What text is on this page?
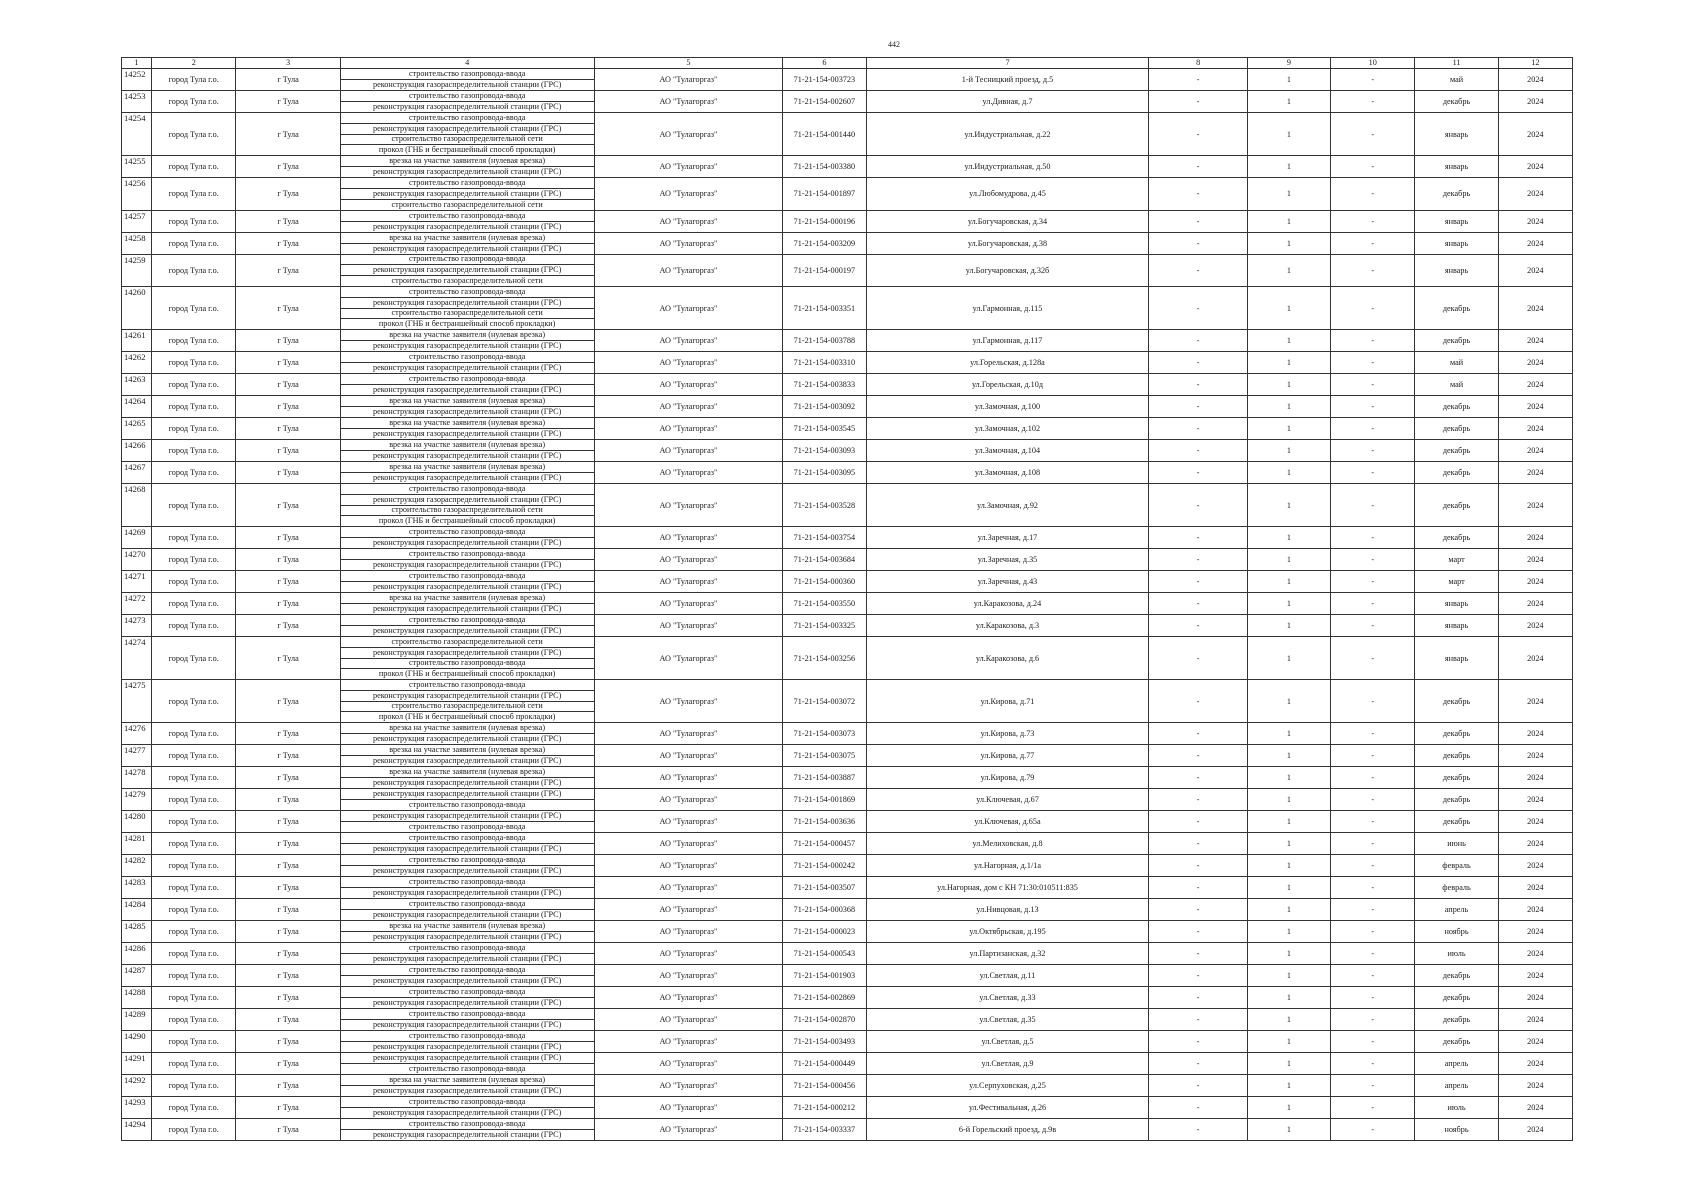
442
1	2	3	4	5	6	7	8	9	10	11	12
14252	город Тула г.о.	г Тула	строительство газопровода-ввода
реконструкция газораспределительной станции (ГРС)	АО "Тулагоргаз"	71-21-154-003723	1-й Тесницкий проезд, д.5	-	1	-	май	2024
14253	город Тула г.о.	г Тула	строительство газопровода-ввода
реконструкция газораспределительной станции (ГРС)	АО "Тулагоргаз"	71-21-154-002607	ул.Дивная, д.7	-	1	-	декабрь	2024
14254	город Тула г.о.	г Тула	строительство газопровода-ввода
реконструкция газораспределительной станции (ГРС)
строительство газораспределительной сети
прокол (ГНБ и бестраншейный способ прокладки)	АО "Тулагоргаз"	71-21-154-001440	ул.Индустриальная, д.22	-	1	-	январь	2024
14255	город Тула г.о.	г Тула	врезка на участке заявителя (нулевая врезка)
реконструкция газораспределительной станции (ГРС)	АО "Тулагоргаз"	71-21-154-003380	ул.Индустриальная, д.50	-	1	-	январь	2024
14256	город Тула г.о.	г Тула	строительство газопровода-ввода
реконструкция газораспределительной станции (ГРС)
строительство газораспределительной сети	АО "Тулагоргаз"	71-21-154-001897	ул.Любомудрова, д.45	-	1	-	декабрь	2024
14257	город Тула г.о.	г Тула	строительство газопровода-ввода
реконструкция газораспределительной станции (ГРС)	АО "Тулагоргаз"	71-21-154-000196	ул.Богучаровская, д.34	-	1	-	январь	2024
14258	город Тула г.о.	г Тула	врезка на участке заявителя (нулевая врезка)
реконструкция газораспределительной станции (ГРС)	АО "Тулагоргаз"	71-21-154-003209	ул.Богучаровская, д.38	-	1	-	январь	2024
14259	город Тула г.о.	г Тула	строительство газопровода-ввода
реконструкция газораспределительной станции (ГРС)
строительство газораспределительной сети	АО "Тулагоргаз"	71-21-154-000197	ул.Богучаровская, д.32б	-	1	-	январь	2024
14260	город Тула г.о.	г Тула	строительство газопровода-ввода
реконструкция газораспределительной станции (ГРС)
строительство газораспределительной сети
прокол (ГНБ и бестраншейный способ прокладки)	АО "Тулагоргаз"	71-21-154-003351	ул.Гармонная, д.115	-	1	-	декабрь	2024
14261	город Тула г.о.	г Тула	врезка на участке заявителя (нулевая врезка)
реконструкция газораспределительной станции (ГРС)	АО "Тулагоргаз"	71-21-154-003788	ул.Гармонная, д.117	-	1	-	декабрь	2024
14262	город Тула г.о.	г Тула	строительство газопровода-ввода
реконструкция газораспределительной станции (ГРС)	АО "Тулагоргаз"	71-21-154-003310	ул.Горельская, д.128а	-	1	-	май	2024
14263	город Тула г.о.	г Тула	строительство газопровода-ввода
реконструкция газораспределительной станции (ГРС)	АО "Тулагоргаз"	71-21-154-003833	ул.Горельская, д.10д	-	1	-	май	2024
14264	город Тула г.о.	г Тула	врезка на участке заявителя (нулевая врезка)
реконструкция газораспределительной станции (ГРС)	АО "Тулагоргаз"	71-21-154-003092	ул.Замочная, д.100	-	1	-	декабрь	2024
14265	город Тула г.о.	г Тула	врезка на участке заявителя (нулевая врезка)
реконструкция газораспределительной станции (ГРС)	АО "Тулагоргаз"	71-21-154-003545	ул.Замочная, д.102	-	1	-	декабрь	2024
14266	город Тула г.о.	г Тула	врезка на участке заявителя (нулевая врезка)
реконструкция газораспределительной станции (ГРС)	АО "Тулагоргаз"	71-21-154-003093	ул.Замочная, д.104	-	1	-	декабрь	2024
14267	город Тула г.о.	г Тула	врезка на участке заявителя (нулевая врезка)
реконструкция газораспределительной станции (ГРС)	АО "Тулагоргаз"	71-21-154-003095	ул.Замочная, д.108	-	1	-	декабрь	2024
14268	город Тула г.о.	г Тула	строительство газопровода-ввода
реконструкция газораспределительной станции (ГРС)
строительство газораспределительной сети
прокол (ГНБ и бестраншейный способ прокладки)	АО "Тулагоргаз"	71-21-154-003528	ул.Замочная, д.92	-	1	-	декабрь	2024
14269	город Тула г.о.	г Тула	строительство газопровода-ввода
реконструкция газораспределительной станции (ГРС)	АО "Тулагоргаз"	71-21-154-003754	ул.Заречная, д.17	-	1	-	декабрь	2024
14270	город Тула г.о.	г Тула	строительство газопровода-ввода
реконструкция газораспределительной станции (ГРС)	АО "Тулагоргаз"	71-21-154-003684	ул.Заречная, д.35	-	1	-	март	2024
14271	город Тула г.о.	г Тула	строительство газопровода-ввода
реконструкция газораспределительной станции (ГРС)	АО "Тулагоргаз"	71-21-154-000360	ул.Заречная, д.43	-	1	-	март	2024
14272	город Тула г.о.	г Тула	врезка на участке заявителя (нулевая врезка)
реконструкция газораспределительной станции (ГРС)	АО "Тулагоргаз"	71-21-154-003550	ул.Каракозова, д.24	-	1	-	январь	2024
14273	город Тула г.о.	г Тула	строительство газопровода-ввода
реконструкция газораспределительной станции (ГРС)	АО "Тулагоргаз"	71-21-154-003325	ул.Каракозова, д.3	-	1	-	январь	2024
14274	город Тула г.о.	г Тула	строительство газораспределительной сети
реконструкция газораспределительной станции (ГРС)
строительство газопровода-ввода
прокол (ГНБ и бестраншейный способ прокладки)	АО "Тулагоргаз"	71-21-154-003256	ул.Каракозова, д.6	-	1	-	январь	2024
14275	город Тула г.о.	г Тула	строительство газопровода-ввода
реконструкция газораспределительной станции (ГРС)
строительство газораспределительной сети
прокол (ГНБ и бестраншейный способ прокладки)	АО "Тулагоргаз"	71-21-154-003072	ул.Кирова, д.71	-	1	-	декабрь	2024
14276	город Тула г.о.	г Тула	врезка на участке заявителя (нулевая врезка)
реконструкция газораспределительной станции (ГРС)	АО "Тулагоргаз"	71-21-154-003073	ул.Кирова, д.73	-	1	-	декабрь	2024
14277	город Тула г.о.	г Тула	врезка на участке заявителя (нулевая врезка)
реконструкция газораспределительной станции (ГРС)	АО "Тулагоргаз"	71-21-154-003075	ул.Кирова, д.77	-	1	-	декабрь	2024
14278	город Тула г.о.	г Тула	врезка на участке заявителя (нулевая врезка)
реконструкция газораспределительной станции (ГРС)	АО "Тулагоргаз"	71-21-154-003887	ул.Кирова, д.79	-	1	-	декабрь	2024
14279	город Тула г.о.	г Тула	реконструкция газораспределительной станции (ГРС)
строительство газопровода-ввода	АО "Тулагоргаз"	71-21-154-001869	ул.Ключевая, д.67	-	1	-	декабрь	2024
14280	город Тула г.о.	г Тула	реконструкция газораспределительной станции (ГРС)
строительство газопровода-ввода	АО "Тулагоргаз"	71-21-154-003636	ул.Ключевая, д.65а	-	1	-	декабрь	2024
14281	город Тула г.о.	г Тула	строительство газопровода-ввода
реконструкция газораспределительной станции (ГРС)	АО "Тулагоргаз"	71-21-154-000457	ул.Мелиховская, д.8	-	1	-	июнь	2024
14282	город Тула г.о.	г Тула	строительство газопровода-ввода
реконструкция газораспределительной станции (ГРС)	АО "Тулагоргаз"	71-21-154-000242	ул.Нагорная, д.1/1а	-	1	-	февраль	2024
14283	город Тула г.о.	г Тула	строительство газопровода-ввода
реконструкция газораспределительной станции (ГРС)	АО "Тулагоргаз"	71-21-154-003507	ул.Нагорная, дом с КН 71:30:010511:835	-	1	-	февраль	2024
14284	город Тула г.о.	г Тула	строительство газопровода-ввода
реконструкция газораспределительной станции (ГРС)	АО "Тулагоргаз"	71-21-154-000368	ул.Нивцовая, д.13	-	1	-	апрель	2024
14285	город Тула г.о.	г Тула	врезка на участке заявителя (нулевая врезка)
реконструкция газораспределительной станции (ГРС)	АО "Тулагоргаз"	71-21-154-000023	ул.Октябрьская, д.195	-	1	-	ноябрь	2024
14286	город Тула г.о.	г Тула	строительство газопровода-ввода
реконструкция газораспределительной станции (ГРС)	АО "Тулагоргаз"	71-21-154-000543	ул.Партизанская, д.32	-	1	-	июль	2024
14287	город Тула г.о.	г Тула	строительство газопровода-ввода
реконструкция газораспределительной станции (ГРС)	АО "Тулагоргаз"	71-21-154-001903	ул.Светлая, д.11	-	1	-	декабрь	2024
14288	город Тула г.о.	г Тула	строительство газопровода-ввода
реконструкция газораспределительной станции (ГРС)	АО "Тулагоргаз"	71-21-154-002869	ул.Светлая, д.33	-	1	-	декабрь	2024
14289	город Тула г.о.	г Тула	строительство газопровода-ввода
реконструкция газораспределительной станции (ГРС)	АО "Тулагоргаз"	71-21-154-002870	ул.Светлая, д.35	-	1	-	декабрь	2024
14290	город Тула г.о.	г Тула	строительство газопровода-ввода
реконструкция газораспределительной станции (ГРС)	АО "Тулагоргаз"	71-21-154-003493	ул.Светлая, д.5	-	1	-	декабрь	2024
14291	город Тула г.о.	г Тула	реконструкция газораспределительной станции (ГРС)
строительство газопровода-ввода	АО "Тулагоргаз"	71-21-154-000449	ул.Светлая, д.9	-	1	-	апрель	2024
14292	город Тула г.о.	г Тула	врезка на участке заявителя (нулевая врезка)
реконструкция газораспределительной станции (ГРС)	АО "Тулагоргаз"	71-21-154-000456	ул.Серпуховская, д.25	-	1	-	апрель	2024
14293	город Тула г.о.	г Тула	строительство газопровода-ввода
реконструкция газораспределительной станции (ГРС)	АО "Тулагоргаз"	71-21-154-000212	ул.Фестивальная, д.26	-	1	-	июль	2024
14294	город Тула г.о.	г Тула	строительство газопровода-ввода
реконструкция газораспределительной станции (ГРС)	АО "Тулагоргаз"	71-21-154-003337	6-й Горельский проезд, д.9в	-	1	-	ноябрь	2024
